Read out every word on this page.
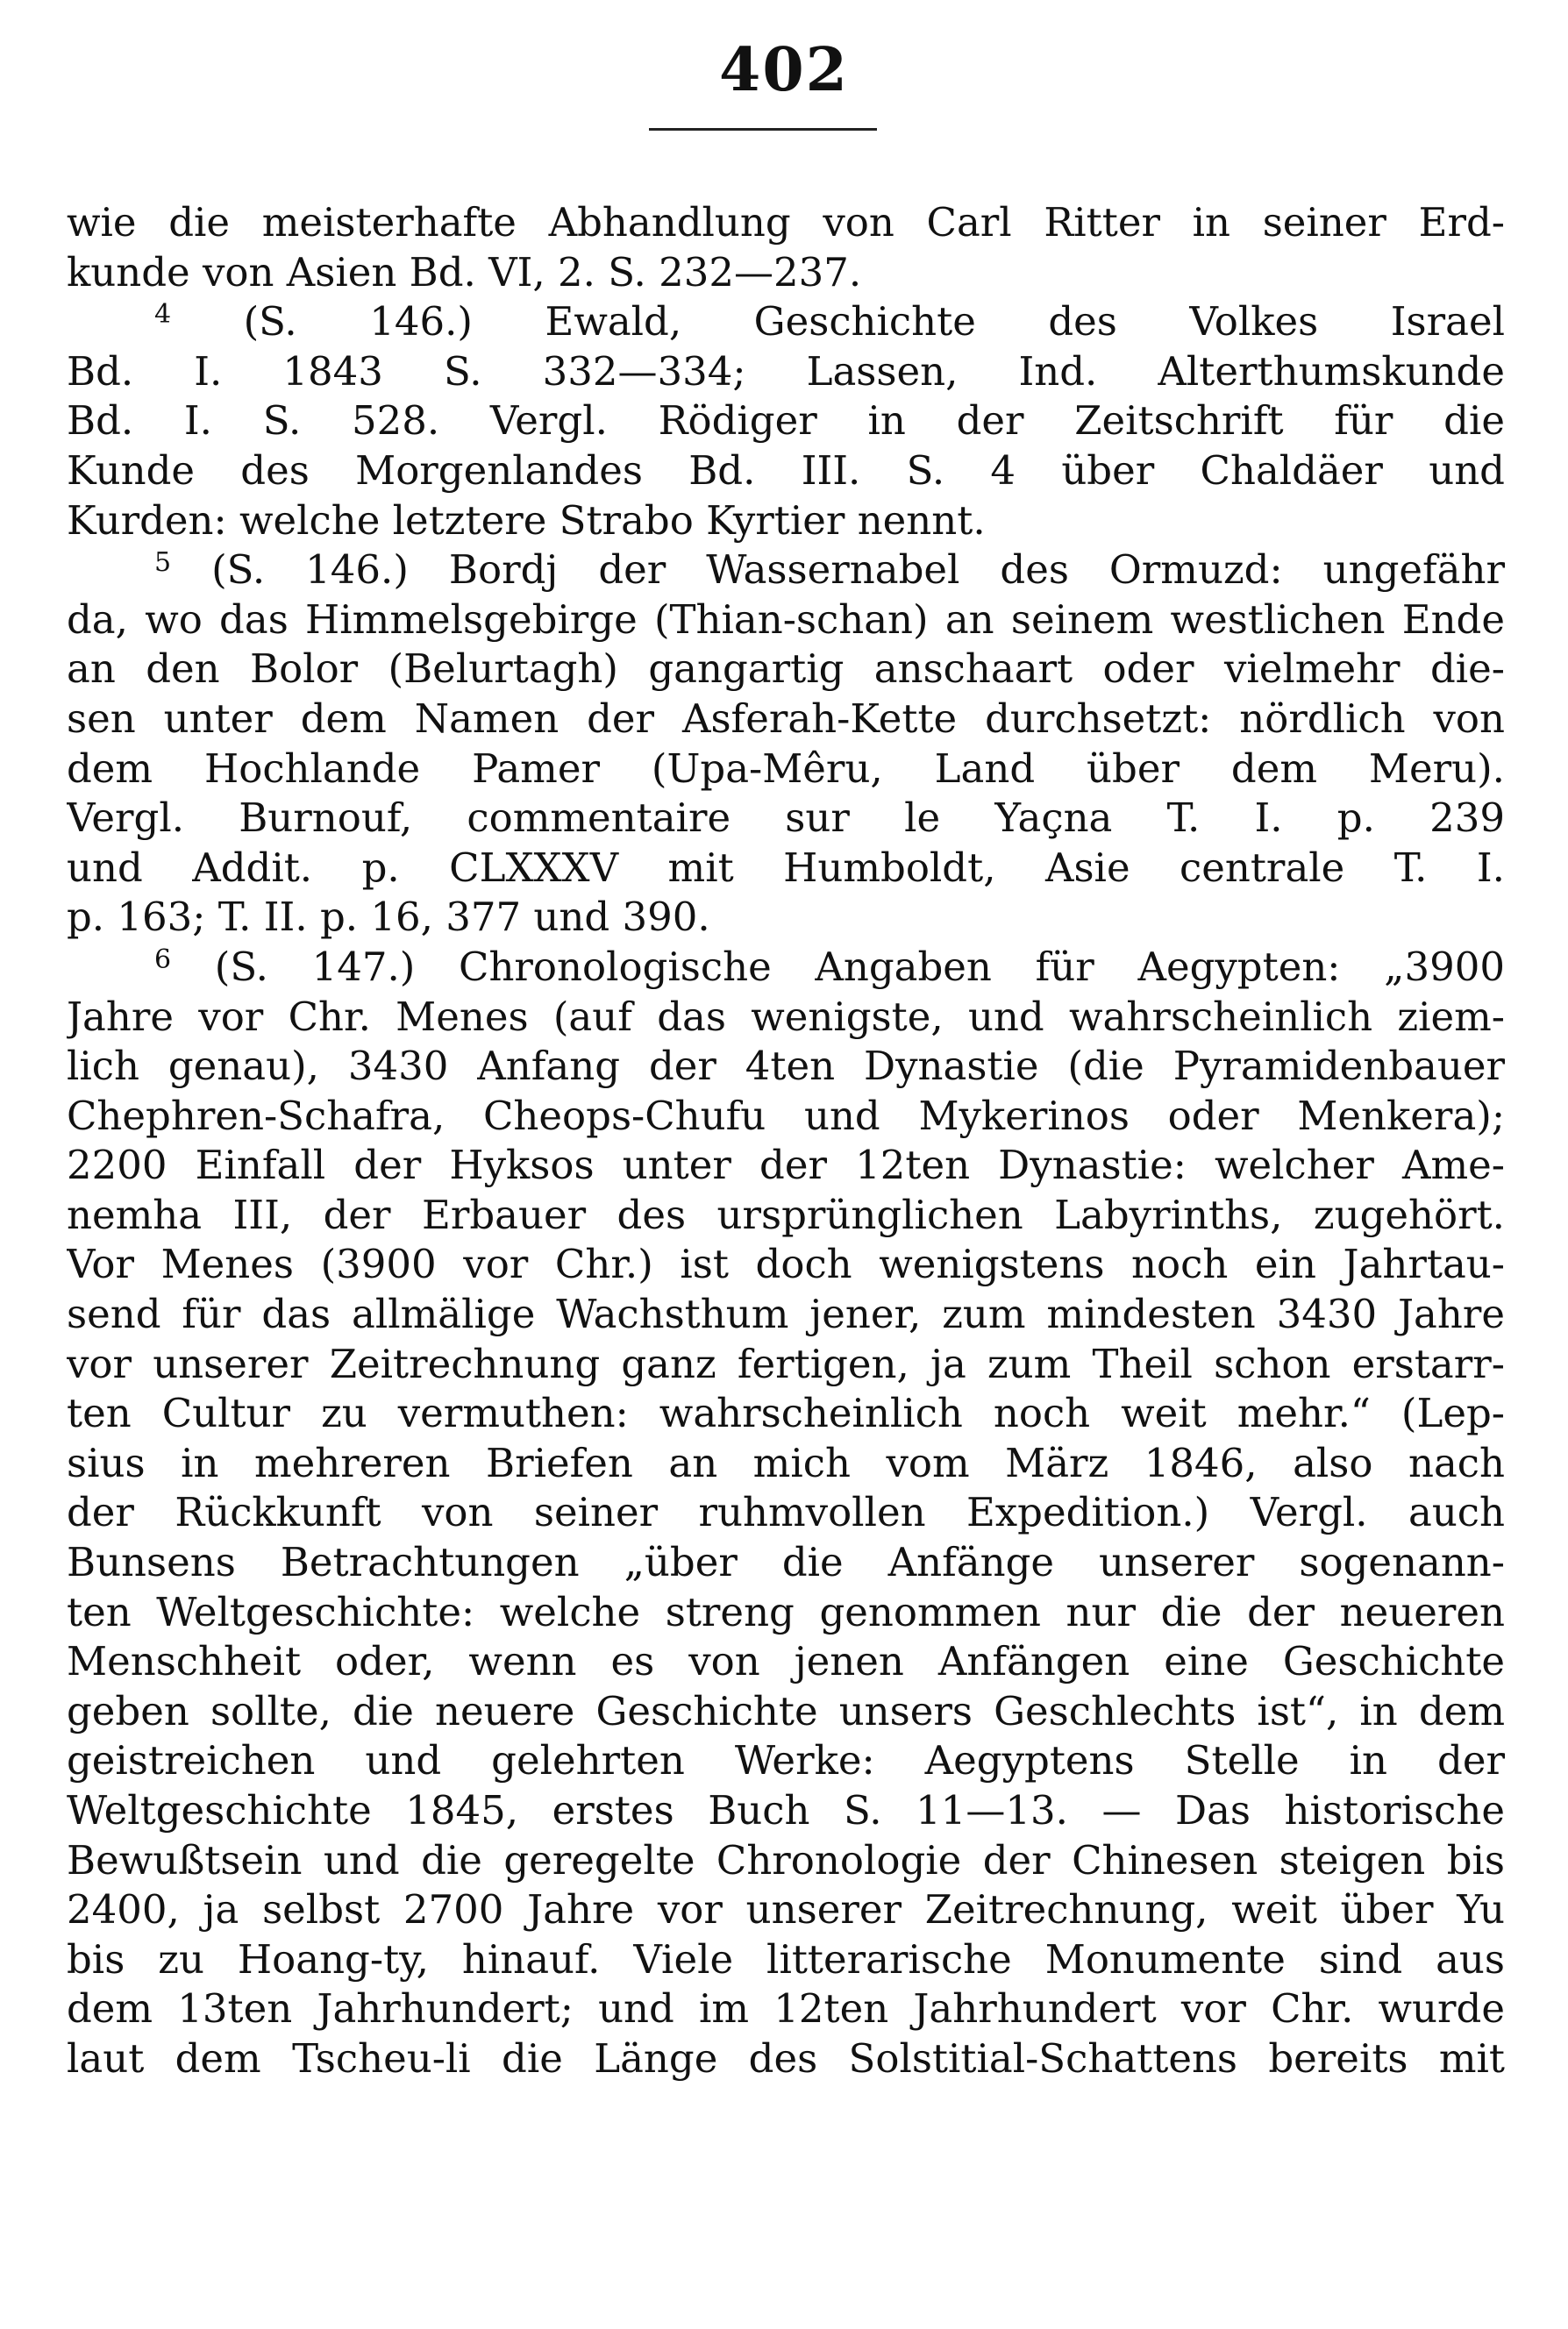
402
wie die meisterhafte Abhandlung von Carl Ritter in seiner Erd-
kunde von Asien Bd. VI, 2. S. 232—237.
$^4$ (S. 146.) Ewald, Geschichte des Volkes Israel
Bd. I. 1843 S. 332—334; Lassen, Ind. Alterthumskunde
Bd. I. S. 528. Vergl. Rödiger in der Zeitschrift für die
Kunde des Morgenlandes Bd. III. S. 4 über Chaldäer und
Kurden: welche letztere Strabo Kyrtier nennt.
$^5$ (S. 146.) Bordj der Wassernabel des Ormuzd: ungefähr
da, wo das Himmelsgebirge (Thian-schan) an seinem westlichen Ende
an den Bolor (Belurtagh) gangartig anschaart oder vielmehr die-
sen unter dem Namen der Asferah-Kette durchsetzt: nördlich von
dem Hochlande Pamer (Upa-Mêru, Land über dem Meru).
Vergl. Burnouf, commentaire sur le Yaçna T. I. p. 239
und Addit. p. CLXXXV mit Humboldt, Asie centrale T. I.
p. 163; T. II. p. 16, 377 und 390.
$^6$ (S. 147.) Chronologische Angaben für Aegypten: „3900
Jahre vor Chr. Menes (auf das wenigste, und wahrscheinlich ziem-
lich genau), 3430 Anfang der 4ten Dynastie (die Pyramidenbauer
Chephren-Schafra, Cheops-Chufu und Mykerinos oder Menkera);
2200 Einfall der Hyksos unter der 12ten Dynastie: welcher Ame-
nemha III, der Erbauer des ursprünglichen Labyrinths, zugehört.
Vor Menes (3900 vor Chr.) ist doch wenigstens noch ein Jahrtau-
send für das allmälige Wachsthum jener, zum mindesten 3430 Jahre
vor unserer Zeitrechnung ganz fertigen, ja zum Theil schon erstarr-
ten Cultur zu vermuthen: wahrscheinlich noch weit mehr.“ (Lep-
sius in mehreren Briefen an mich vom März 1846, also nach
der Rückkunft von seiner ruhmvollen Expedition.) Vergl. auch
Bunsens Betrachtungen „über die Anfänge unserer sogenann-
ten Weltgeschichte: welche streng genommen nur die der neueren
Menschheit oder, wenn es von jenen Anfängen eine Geschichte
geben sollte, die neuere Geschichte unsers Geschlechts ist“, in dem
geistreichen und gelehrten Werke: Aegyptens Stelle in der
Weltgeschichte 1845, erstes Buch S. 11—13. — Das historische
Bewußtsein und die geregelte Chronologie der Chinesen steigen bis
2400, ja selbst 2700 Jahre vor unserer Zeitrechnung, weit über Yu
bis zu Hoang-ty, hinauf. Viele litterarische Monumente sind aus
dem 13ten Jahrhundert; und im 12ten Jahrhundert vor Chr. wurde
laut dem Tscheu-li die Länge des Solstitial-Schattens bereits mit
